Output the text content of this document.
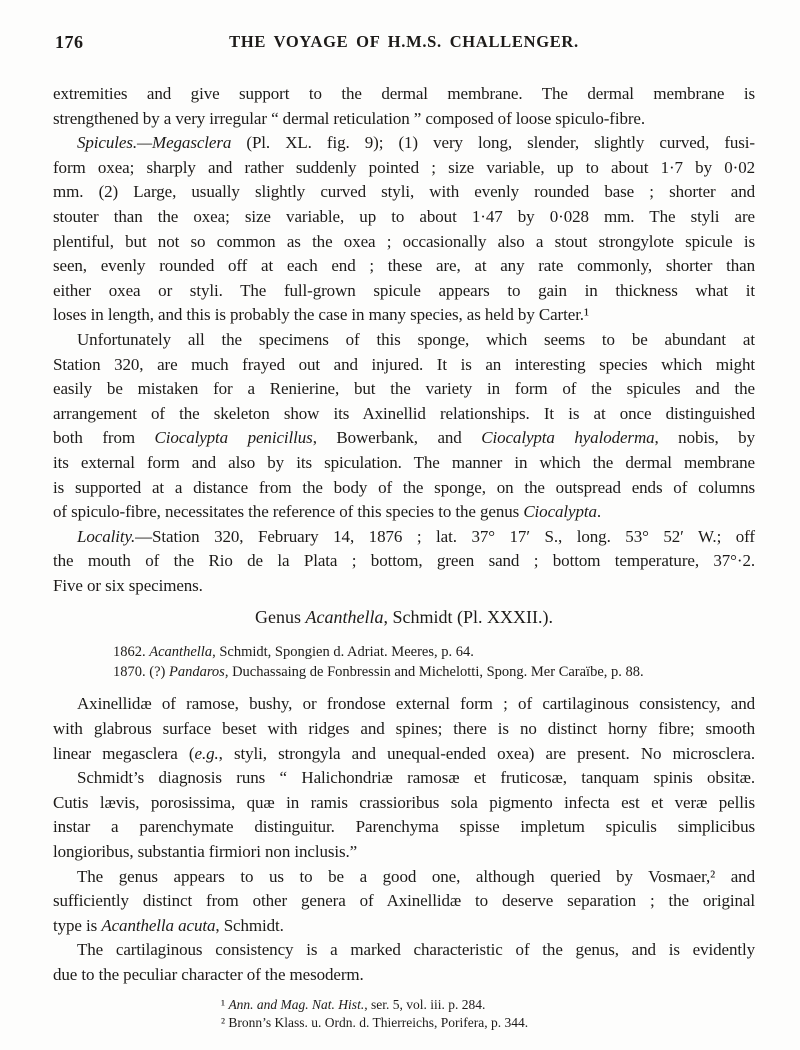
176	THE VOYAGE OF H.M.S. CHALLENGER.

extremities and give support to the dermal membrane. The dermal membrane is
strengthened by a very irregular “ dermal reticulation ” composed of loose spiculo-fibre.

Spicules.—Megasclera (Pl. XL. fig. 9); (1) very long, slender, slightly curved, fusi-
form oxea; sharply and rather suddenly pointed ; size variable, up to about 1·7 by 0·02
mm. (2) Large, usually slightly curved styli, with evenly rounded base ; shorter and
stouter than the oxea; size variable, up to about 1·47 by 0·028 mm. The styli are
plentiful, but not so common as the oxea ; occasionally also a stout strongylote spicule is
seen, evenly rounded off at each end ; these are, at any rate commonly, shorter than
either oxea or styli. The full-grown spicule appears to gain in thickness what it
loses in length, and this is probably the case in many species, as held by Carter.¹

Unfortunately all the specimens of this sponge, which seems to be abundant at
Station 320, are much frayed out and injured. It is an interesting species which might
easily be mistaken for a Renierine, but the variety in form of the spicules and the
arrangement of the skeleton show its Axinellid relationships. It is at once distinguished
both from Ciocalypta penicillus, Bowerbank, and Ciocalypta hyaloderma, nobis, by
its external form and also by its spiculation. The manner in which the dermal membrane
is supported at a distance from the body of the sponge, on the outspread ends of columns
of spiculo-fibre, necessitates the reference of this species to the genus Ciocalypta.

Locality.—Station 320, February 14, 1876 ; lat. 37° 17′ S., long. 53° 52′ W.; off
the mouth of the Rio de la Plata ; bottom, green sand ; bottom temperature, 37°·2.
Five or six specimens.

Genus Acanthella, Schmidt (Pl. XXXII.).
1862. Acanthella, Schmidt, Spongien d. Adriat. Meeres, p. 64.
1870. (?) Pandaros, Duchassaing de Fonbressin and Michelotti, Spong. Mer Caraïbe, p. 88.

Axinellidæ of ramose, bushy, or frondose external form ; of cartilaginous consistency, and
with glabrous surface beset with ridges and spines; there is no distinct horny fibre; smooth
linear megasclera (e.g., styli, strongyla and unequal-ended oxea) are present. No microsclera.

Schmidt’s diagnosis runs “ Halichondriæ ramosæ et fruticosæ, tanquam spinis obsitæ.
Cutis lævis, porosissima, quæ in ramis crassioribus sola pigmento infecta est et veræ pellis
instar a parenchymate distinguitur. Parenchyma spisse impletum spiculis simplicibus
longioribus, substantia firmiori non inclusis.”

The genus appears to us to be a good one, although queried by Vosmaer,² and
sufficiently distinct from other genera of Axinellidæ to deserve separation ; the original
type is Acanthella acuta, Schmidt.

The cartilaginous consistency is a marked characteristic of the genus, and is evidently
due to the peculiar character of the mesoderm.

¹ Ann. and Mag. Nat. Hist., ser. 5, vol. iii. p. 284.
² Bronn’s Klass. u. Ordn. d. Thierreichs, Porifera, p. 344.
